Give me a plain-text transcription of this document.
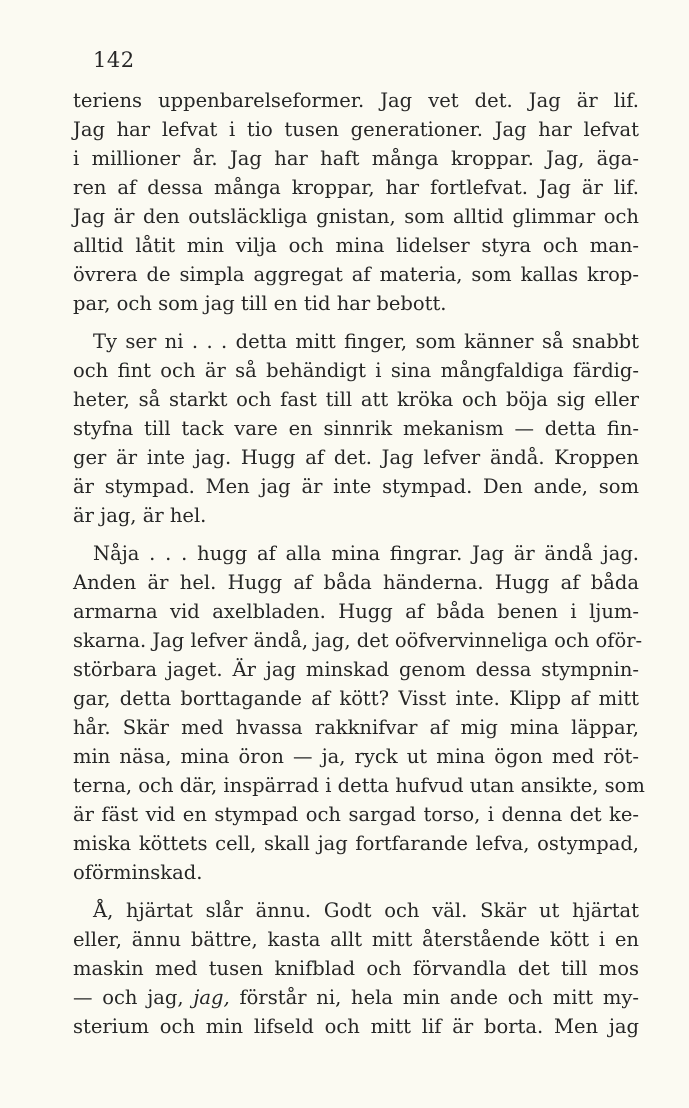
142
teriens uppenbarelseformer. Jag vet det. Jag är lif.
Jag har lefvat i tio tusen generationer. Jag har lefvat
i millioner år. Jag har haft många kroppar. Jag, äga-
ren af dessa många kroppar, har fortlefvat. Jag är lif.
Jag är den outsläckliga gnistan, som alltid glimmar och
alltid låtit min vilja och mina lidelser styra och man-
övrera de simpla aggregat af materia, som kallas krop-
par, och som jag till en tid har bebott.
Ty ser ni . . . detta mitt finger, som känner så snabbt
och fint och är så behändigt i sina mångfaldiga färdig-
heter, så starkt och fast till att kröka och böja sig eller
styfna till tack vare en sinnrik mekanism — detta fin-
ger är inte jag. Hugg af det. Jag lefver ändå. Kroppen
är stympad. Men jag är inte stympad. Den ande, som
är jag, är hel.
Nåja . . . hugg af alla mina fingrar. Jag är ändå jag.
Anden är hel. Hugg af båda händerna. Hugg af båda
armarna vid axelbladen. Hugg af båda benen i ljum-
skarna. Jag lefver ändå, jag, det oöfvervinneliga och oför-
störbara jaget. Är jag minskad genom dessa stympnin-
gar, detta borttagande af kött? Visst inte. Klipp af mitt
hår. Skär med hvassa rakknifvar af mig mina läppar,
min näsa, mina öron — ja, ryck ut mina ögon med röt-
terna, och där, inspärrad i detta hufvud utan ansikte, som
är fäst vid en stympad och sargad torso, i denna det ke-
miska köttets cell, skall jag fortfarande lefva, ostympad,
oförminskad.
Å, hjärtat slår ännu. Godt och väl. Skär ut hjärtat
eller, ännu bättre, kasta allt mitt återstående kött i en
maskin med tusen knifblad och förvandla det till mos
— och jag, jag, förstår ni, hela min ande och mitt my-
sterium och min lifseld och mitt lif är borta. Men jag
